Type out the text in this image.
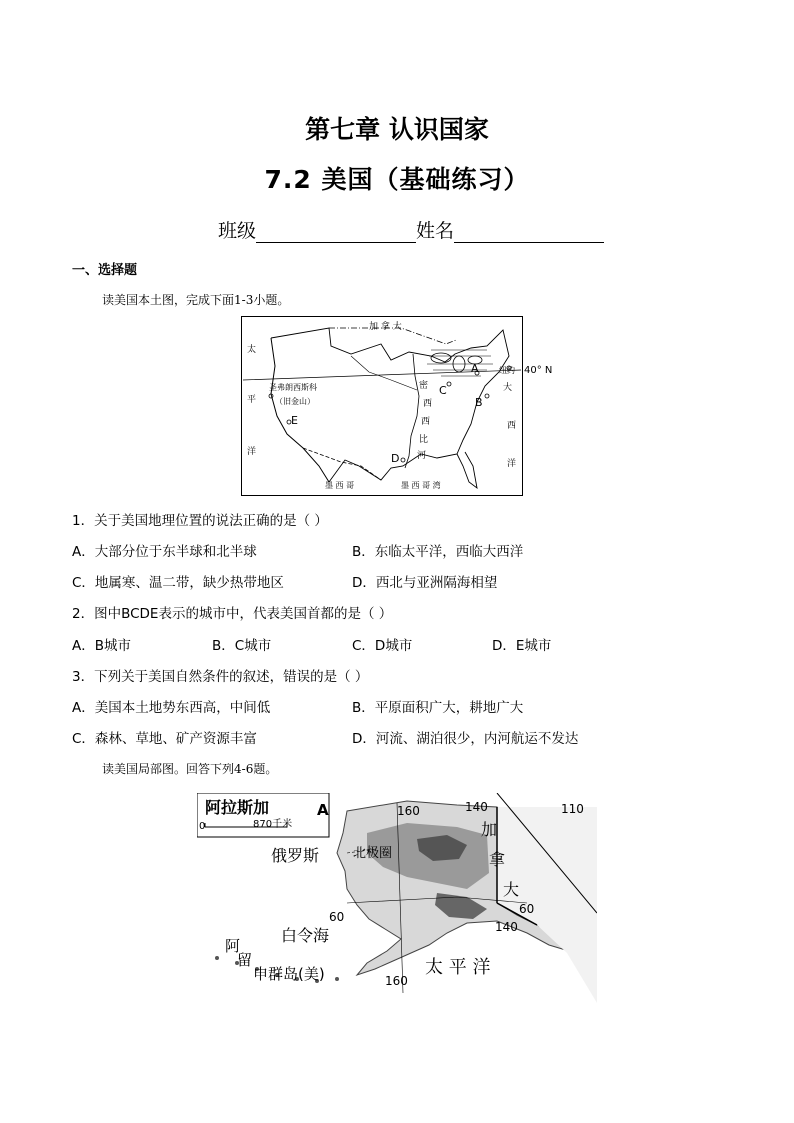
第七章 认识国家
7.2 美国（基础练习）
班级	姓名
一、选择题
读美国本土图，完成下面1-3小题。
加 拿 大
太
平
洋
大
西
洋
圣弗朗西斯科
（旧金山）
纽约
墨 西 哥	墨 西 哥 湾
密
西
西
比
河
A
B
C
D
E
40° N
1．关于美国地理位置的说法正确的是（ ）
A．大部分位于东半球和北半球	B．东临太平洋，西临大西洋
C．地属寒、温二带，缺少热带地区	D．西北与亚洲隔海相望
2．图中BCDE表示的城市中，代表美国首都的是（ ）
A．B城市	B．C城市	C．D城市	D．E城市
3．下列关于美国自然条件的叙述，错误的是（ ）
A．美国本土地势东西高，中间低	B．平原面积广大，耕地广大
C．森林、草地、矿产资源丰富	D．河流、湖泊很少，内河航运不发达
读美国局部图。回答下列4-6题。
阿拉斯加	A
0	870千米
俄罗斯	北极圈
白令海
阿
留
申群岛(美)	太 平 洋
加
拿
大
160	140	110
60
60
140
160
